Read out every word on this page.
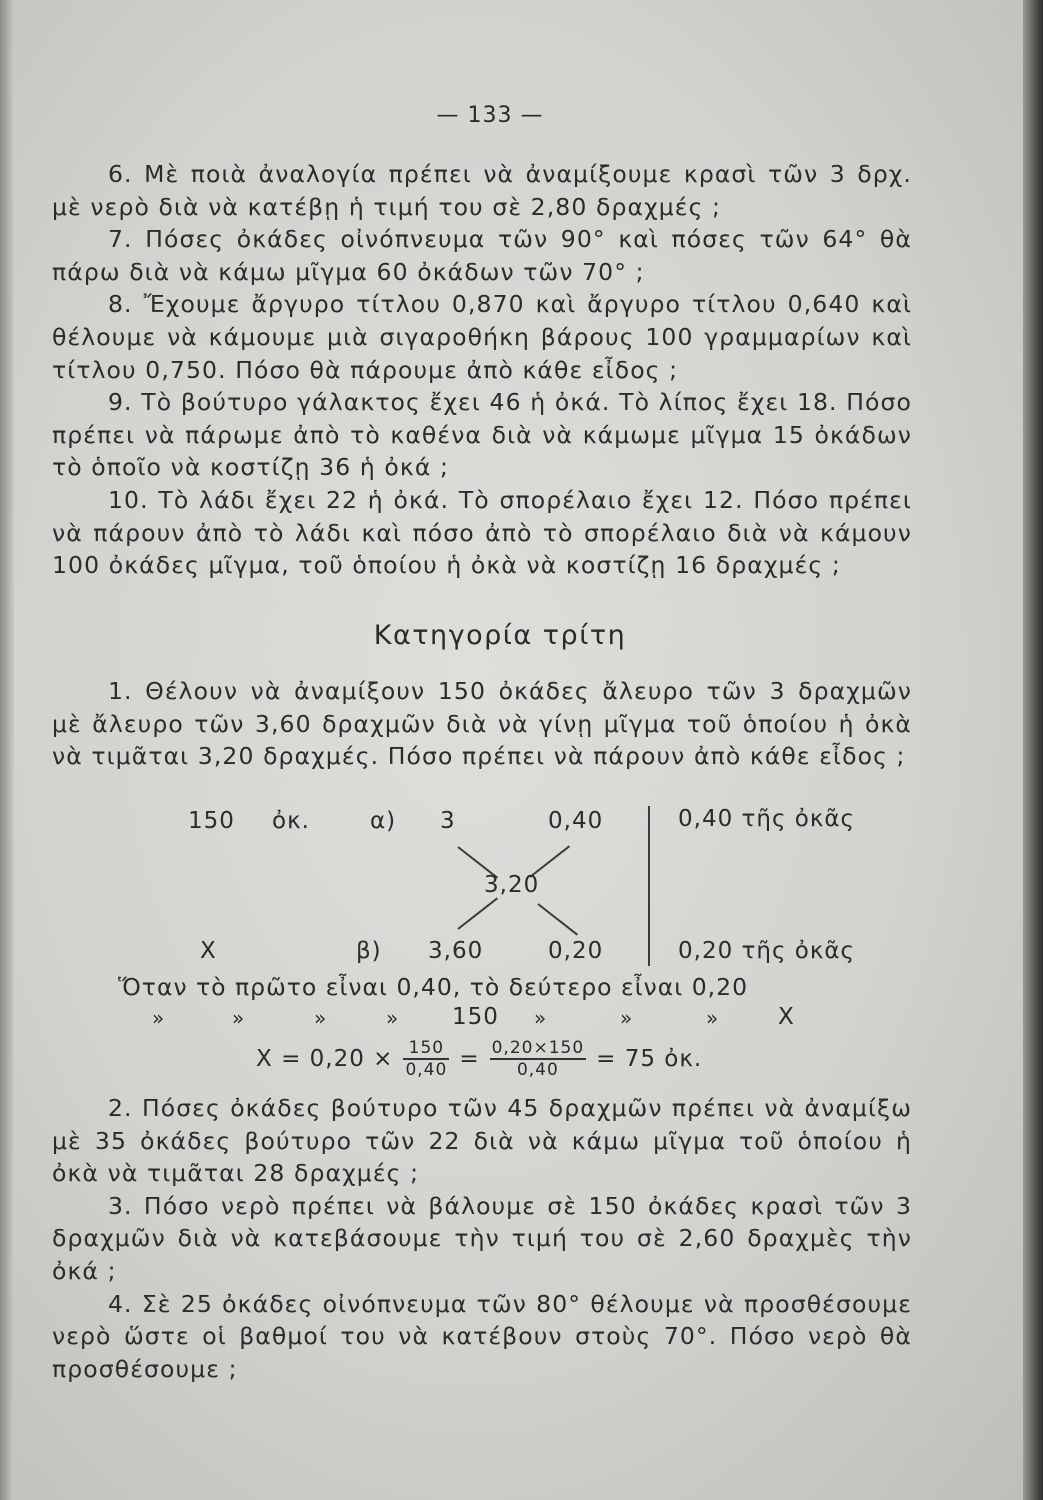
— 133 —

6. Μὲ ποιὰ ἀναλογία πρέπει νὰ ἀναμίξουμε κρασὶ τῶν 3 δρχ. μὲ νερὸ διὰ νὰ κατέβῃ ἡ τιμή του σὲ 2,80 δραχμές ;

7. Πόσες ὀκάδες οἰνόπνευμα τῶν 90° καὶ πόσες τῶν 64° θὰ πάρω διὰ νὰ κάμω μῖγμα 60 ὀκάδων τῶν 70° ;

8. Ἔχουμε ἄργυρο τίτλου 0,870 καὶ ἄργυρο τίτλου 0,640 καὶ θέλουμε νὰ κάμουμε μιὰ σιγαροθήκη βάρους 100 γραμμαρίων καὶ τίτλου 0,750. Πόσο θὰ πάρουμε ἀπὸ κάθε εἶδος ;

9. Τὸ βούτυρο γάλακτος ἔχει 46 ἡ ὀκά. Τὸ λίπος ἔχει 18. Πόσο πρέπει νὰ πάρωμε ἀπὸ τὸ καθένα διὰ νὰ κάμωμε μῖγμα 15 ὀκάδων τὸ ὁποῖο νὰ κοστίζῃ 36 ἡ ὀκά ;

10. Τὸ λάδι ἔχει 22 ἡ ὀκά. Τὸ σπορέλαιο ἔχει 12. Πόσο πρέπει νὰ πάρουν ἀπὸ τὸ λάδι καὶ πόσο ἀπὸ τὸ σπορέλαιο διὰ νὰ κάμουν 100 ὀκάδες μῖγμα, τοῦ ὁποίου ἡ ὀκὰ νὰ κοστίζῃ 16 δραχμές ;

Κατηγορία τρίτη

1. Θέλουν νὰ ἀναμίξουν 150 ὀκάδες ἄλευρο τῶν 3 δραχμῶν μὲ ἄλευρο τῶν 3,60 δραχμῶν διὰ νὰ γίνῃ μῖγμα τοῦ ὁποίου ἡ ὀκὰ νὰ τιμᾶται 3,20 δραχμές. Πόσο πρέπει νὰ πάρουν ἀπὸ κάθε εἶδος ;

150 ὀκ.	α) 3	0,40	0,40 τῆς ὀκᾶς
3,20
X	β) 3,60	0,20	0,20 τῆς ὀκᾶς
Ὅταν τὸ πρῶτο εἶναι 0,40, τὸ δεύτερο εἶναι 0,20
»	»	»	» 150 »	»	»	X
$X = 0,20 \times \frac{150}{0,40} = \frac{0,20\times 150}{0,40} = 75$ ὀκ.

2. Πόσες ὀκάδες βούτυρο τῶν 45 δραχμῶν πρέπει νὰ ἀναμίξω μὲ 35 ὀκάδες βούτυρο τῶν 22 διὰ νὰ κάμω μῖγμα τοῦ ὁποίου ἡ ὀκὰ νὰ τιμᾶται 28 δραχμές ;

3. Πόσο νερὸ πρέπει νὰ βάλουμε σὲ 150 ὀκάδες κρασὶ τῶν 3 δραχμῶν διὰ νὰ κατεβάσουμε τὴν τιμή του σὲ 2,60 δραχμὲς τὴν ὀκά ;

4. Σὲ 25 ὀκάδες οἰνόπνευμα τῶν 80° θέλουμε νὰ προσθέσουμε νερὸ ὥστε οἱ βαθμοί του νὰ κατέβουν στοὺς 70°. Πόσο νερὸ θὰ προσθέσουμε ;
